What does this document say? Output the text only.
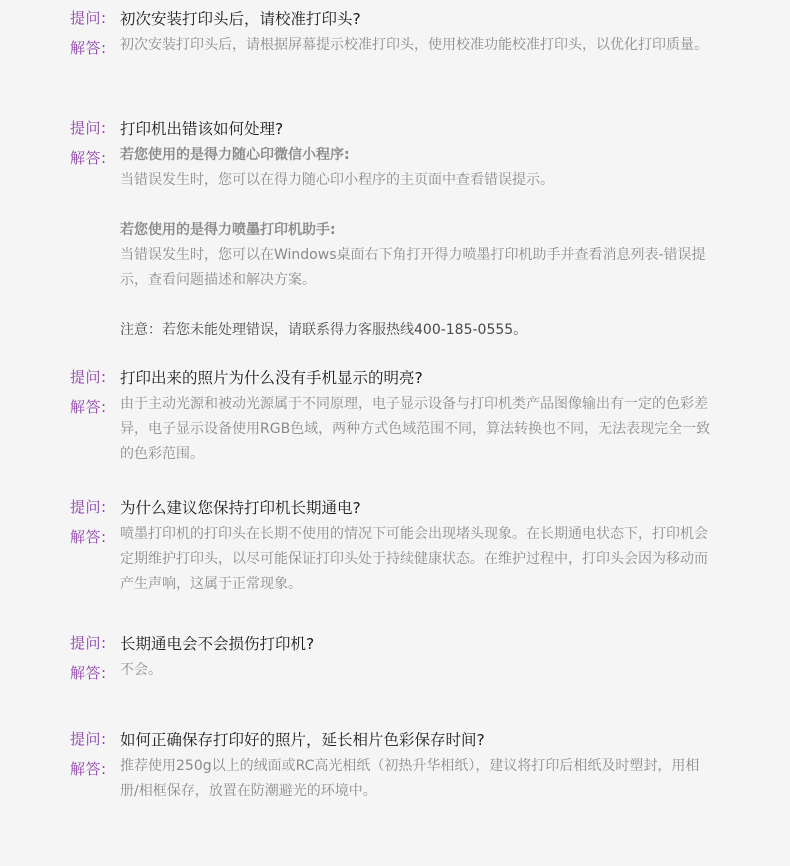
提问: 初次安装打印头后，请校准打印头?
解答: 初次安装打印头后，请根据屏幕提示校准打印头，使用校准功能校准打印头，以优化打印质量。
提问: 打印机出错该如何处理?
解答: 若您使用的是得力随心印微信小程序:

当错误发生时，您可以在得力随心印小程序的主页面中查看错误提示。

若您使用的是得力喷墨打印机助手:

当错误发生时，您可以在Windows桌面右下角打开得力喷墨打印机助手并查看消息列表-错误提示，查看问题描述和解决方案。

注意：若您未能处理错误，请联系得力客服热线400-185-0555。

提问: 打印出来的照片为什么没有手机显示的明亮?
解答: 由于主动光源和被动光源属于不同原理，电子显示设备与打印机类产品图像输出有一定的色彩差异，电子显示设备使用RGB色域，两种方式色域范围不同，算法转换也不同，无法表现完全一致的色彩范围。
提问: 为什么建议您保持打印机长期通电?
解答: 喷墨打印机的打印头在长期不使用的情况下可能会出现堵头现象。在长期通电状态下，打印机会定期维护打印头，以尽可能保证打印头处于持续健康状态。在维护过程中，打印头会因为移动而产生声响，这属于正常现象。
提问: 长期通电会不会损伤打印机?
解答: 不会。
提问: 如何正确保存打印好的照片，延长相片色彩保存时间?
解答: 推荐使用250g以上的绒面或RC高光相纸（初热升华相纸），建议将打印后相纸及时塑封，用相册/相框保存，放置在防潮避光的环境中。
